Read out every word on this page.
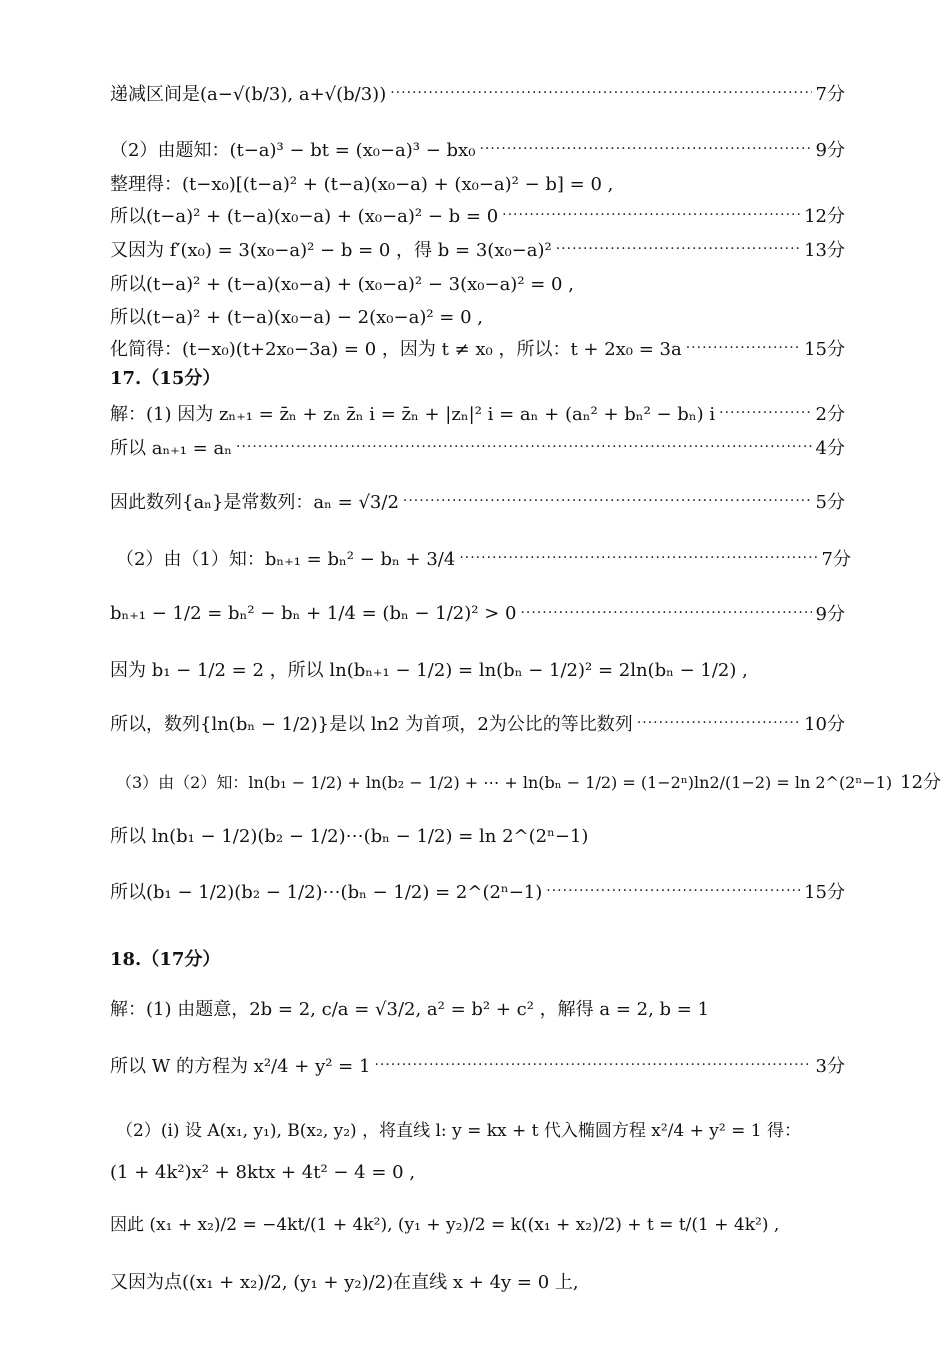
递减区间是(a−√(b/3), a+√(b/3)) ·····	7分
（2）由题知：(t−a)³ − bt = (x₀−a)³ − bx₀ ·····	9分
整理得：(t−x₀)[(t−a)² + (t−a)(x₀−a) + (x₀−a)² − b] = 0 ,
所以(t−a)² + (t−a)(x₀−a) + (x₀−a)² − b = 0 ·····	12分
又因为 f′(x₀) = 3(x₀−a)² − b = 0 ，得 b = 3(x₀−a)² ·····	13分
所以(t−a)² + (t−a)(x₀−a) + (x₀−a)² − 3(x₀−a)² = 0 ,
所以(t−a)² + (t−a)(x₀−a) − 2(x₀−a)² = 0 ,
化简得：(t−x₀)(t+2x₀−3a) = 0 ，因为 t ≠ x₀ ，所以：t + 2x₀ = 3a ·····	15分
17.（15分）
解：(1) 因为 zₙ₊₁ = z̄ₙ + zₙ z̄ₙ i = z̄ₙ + |zₙ|² i = aₙ + (aₙ² + bₙ² − bₙ) i ·····	2分
所以 aₙ₊₁ = aₙ ·····	4分
因此数列{aₙ}是常数列：aₙ = √3/2 ·····	5分
（2）由（1）知：bₙ₊₁ = bₙ² − bₙ + 3/4 ·····	7分
bₙ₊₁ − 1/2 = bₙ² − bₙ + 1/4 = (bₙ − 1/2)² > 0 ·····	9分
因为 b₁ − 1/2 = 2 ，所以 ln(bₙ₊₁ − 1/2) = ln(bₙ − 1/2)² = 2ln(bₙ − 1/2) ,
所以，数列{ln(bₙ − 1/2)}是以 ln2 为首项，2为公比的等比数列 ·····	10分
（3）由（2）知：ln(b₁ − 1/2) + ln(b₂ − 1/2) + ⋯ + ln(bₙ − 1/2) = (1−2ⁿ)ln2/(1−2) = ln 2^(2ⁿ−1) 12分
所以 ln(b₁ − 1/2)(b₂ − 1/2)⋯(bₙ − 1/2) = ln 2^(2ⁿ−1)
所以(b₁ − 1/2)(b₂ − 1/2)⋯(bₙ − 1/2) = 2^(2ⁿ−1) ·····	15分
18.（17分）
解：(1) 由题意，2b = 2, c/a = √3/2, a² = b² + c² ，解得 a = 2, b = 1
所以 W 的方程为 x²/4 + y² = 1 ·····	3分
（2）(i) 设 A(x₁, y₁), B(x₂, y₂) ，将直线 l: y = kx + t 代入椭圆方程 x²/4 + y² = 1 得：
(1 + 4k²)x² + 8ktx + 4t² − 4 = 0 ,
因此 (x₁ + x₂)/2 = −4kt/(1 + 4k²), (y₁ + y₂)/2 = k((x₁ + x₂)/2) + t = t/(1 + 4k²) ,
又因为点((x₁ + x₂)/2, (y₁ + y₂)/2)在直线 x + 4y = 0 上,
